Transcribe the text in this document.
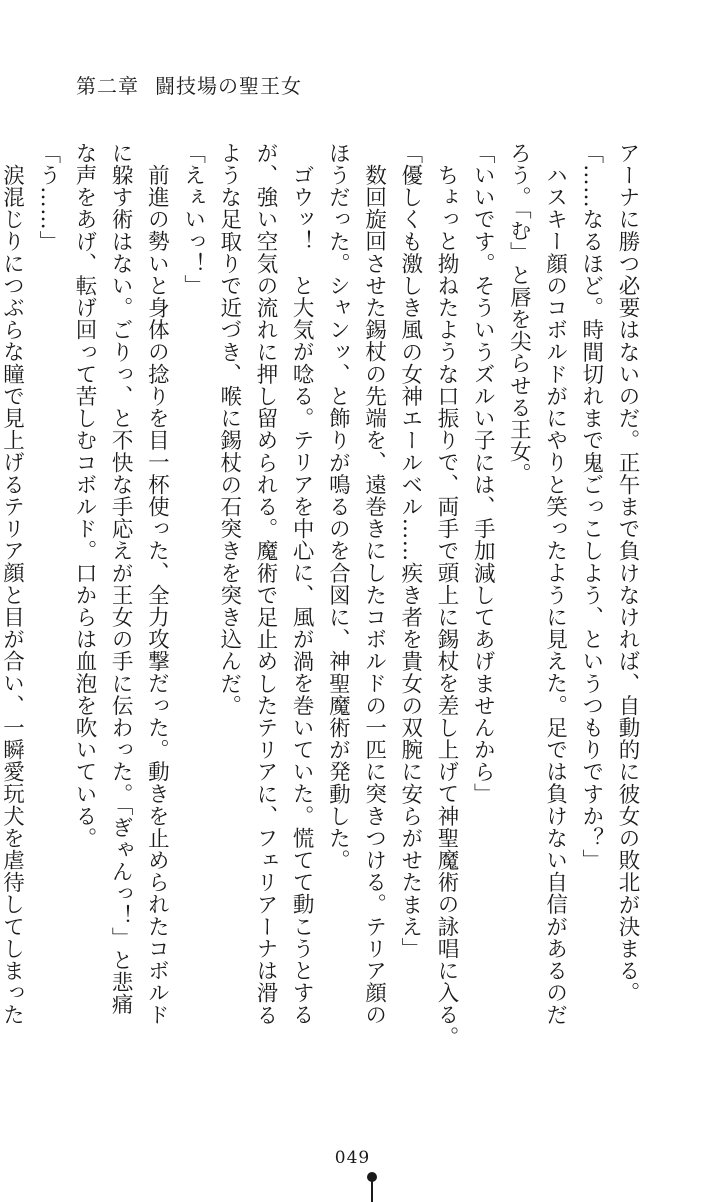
第二章 闘技場の聖王女

アーナに勝つ必要はないのだ。正午まで負けなければ、自動的に彼女の敗北が決まる。

「……なるほど。時間切れまで鬼ごっこしよう、というつもりですか？」

ハスキー顔のコボルドがにやりと笑ったように見えた。足では負けない自信があるのだ

ろう。「む」と唇を尖らせる王女。

「いいです。そういうズルい子には、手加減してあげませんから」

ちょっと拗ねたような口振りで、両手で頭上に錫杖を差し上げて神聖魔術の詠唱に入る。

「優しくも激しき風の女神エールベル……疾き者を貴女の双腕に安らがせたまえ」

数回旋回させた錫杖の先端を、遠巻きにしたコボルドの一匹に突きつける。テリア顔の

ほうだった。シャンッ、と飾りが鳴るのを合図に、神聖魔術が発動した。

ゴウッ！　と大気が唸る。テリアを中心に、風が渦を巻いていた。慌てて動こうとする

が、強い空気の流れに押し留められる。魔術で足止めしたテリアに、フェリアーナは滑る

ような足取りで近づき、喉に錫杖の石突きを突き込んだ。

「えぇいっ！」

前進の勢いと身体の捻りを目一杯使った、全力攻撃だった。動きを止められたコボルド

に躱す術はない。ごりっ、と不快な手応えが王女の手に伝わった。「ぎゃんっ！」と悲痛

な声をあげ、転げ回って苦しむコボルド。口からは血泡を吹いている。

「う……」

涙混じりにつぶらな瞳で見上げるテリア顔と目が合い、一瞬愛玩犬を虐待してしまった

049
